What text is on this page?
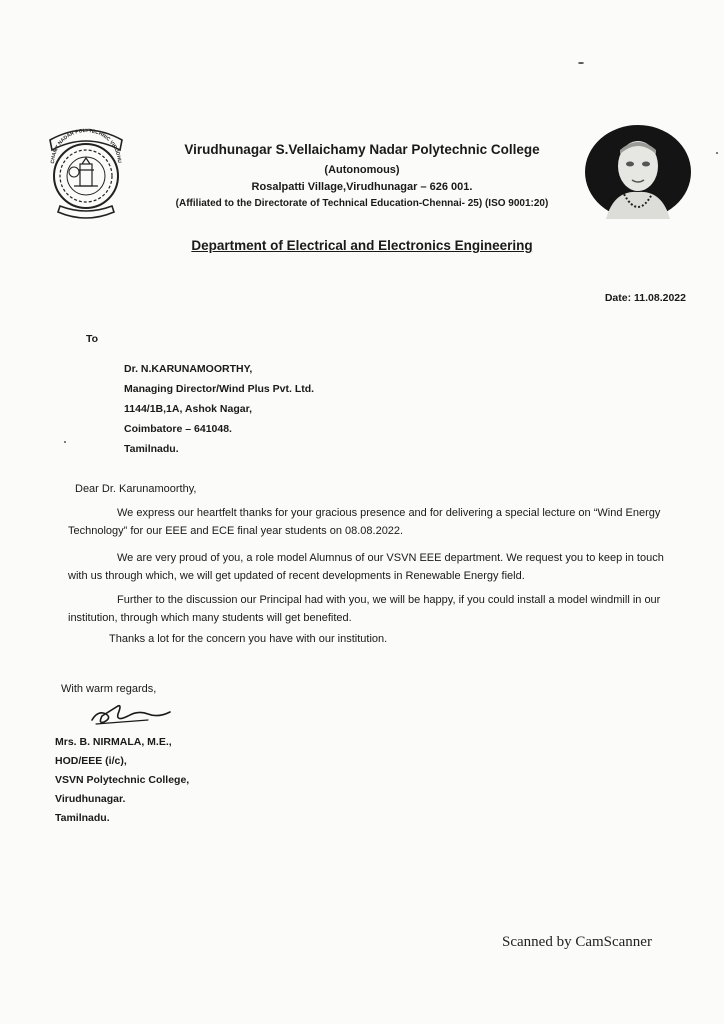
CHAMY NADAR POLYTECHNIC VIRUDHU
Virudhunagar S.Vellaichamy Nadar Polytechnic College
(Autonomous)
Rosalpatti Village,Virudhunagar – 626 001.
(Affiliated to the Directorate of Technical Education-Chennai- 25) (ISO 9001:20)
Department of Electrical and Electronics Engineering
Date: 11.08.2022
To
Dr. N.KARUNAMOORTHY,
Managing Director/Wind Plus Pvt. Ltd.
1144/1B,1A, Ashok Nagar,
Coimbatore – 641048.
Tamilnadu.
Dear Dr. Karunamoorthy,
We express our heartfelt thanks for your gracious presence and for delivering a special lecture on “Wind Energy
Technology” for our EEE and ECE final year students on 08.08.2022.
We are very proud of you, a role model Alumnus of our VSVN EEE department. We request you to keep in touch
with us through which, we will get updated of recent developments in Renewable Energy field.
Further to the discussion our Principal had with you, we will be happy, if you could install a model windmill in our
institution, through which many students will get benefited.
Thanks a lot for the concern you have with our institution.
With warm regards,
Mrs. B. NIRMALA, M.E.,
HOD/EEE (i/c),
VSVN Polytechnic College,
Virudhunagar.
Tamilnadu.
Scanned by CamScanner
